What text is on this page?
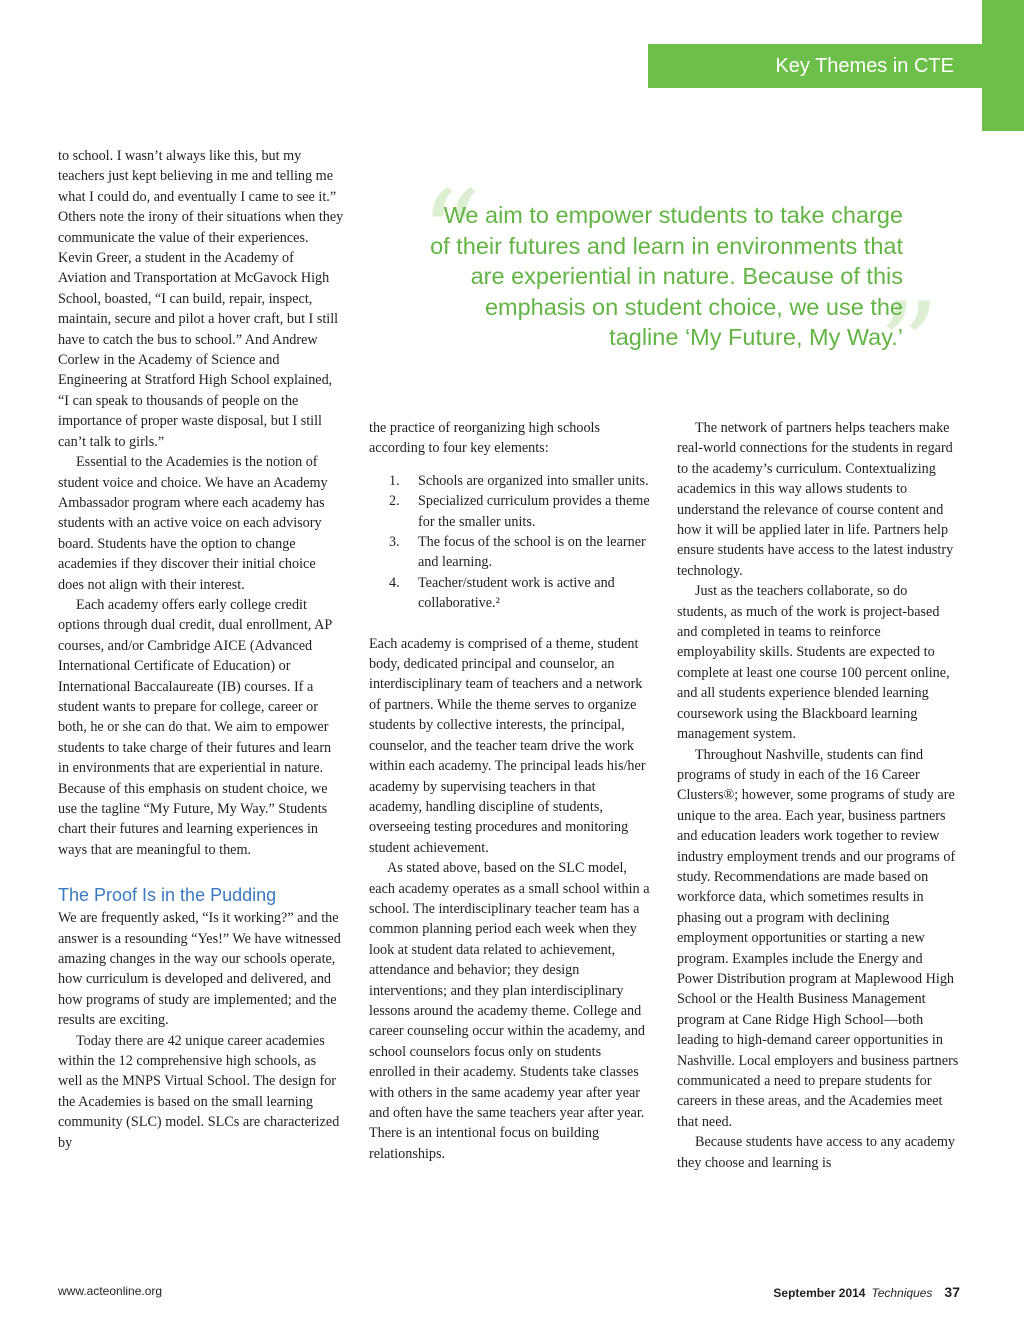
Key Themes in CTE
“
”
We aim to empower students to take charge of their futures and learn in environments that are experiential in nature. Because of this emphasis on student choice, we use the tagline ‘My Future, My Way.’

to school. I wasn’t always like this, but my teachers just kept believing in me and telling me what I could do, and eventually I came to see it.” Others note the irony of their situations when they communicate the value of their experiences. Kevin Greer, a student in the Academy of Aviation and Transportation at McGavock High School, boasted, “I can build, repair, inspect, maintain, secure and pilot a hover craft, but I still have to catch the bus to school.” And Andrew Corlew in the Academy of Science and Engineering at Stratford High School explained, “I can speak to thousands of people on the importance of proper waste disposal, but I still can’t talk to girls.”

Essential to the Academies is the notion of student voice and choice. We have an Academy Ambassador program where each academy has students with an active voice on each advisory board. Students have the option to change academies if they discover their initial choice does not align with their interest.

Each academy offers early college credit options through dual credit, dual enrollment, AP courses, and/or Cambridge AICE (Advanced International Certificate of Education) or International Baccalaureate (IB) courses. If a student wants to prepare for college, career or both, he or she can do that. We aim to empower students to take charge of their futures and learn in environments that are experiential in nature. Because of this emphasis on student choice, we use the tagline “My Future, My Way.” Students chart their futures and learning experiences in ways that are meaningful to them.

The Proof Is in the Pudding

We are frequently asked, “Is it working?” and the answer is a resounding “Yes!” We have witnessed amazing changes in the way our schools operate, how curriculum is developed and delivered, and how programs of study are implemented; and the results are exciting.

Today there are 42 unique career academies within the 12 comprehensive high schools, as well as the MNPS Virtual School. The design for the Academies is based on the small learning community (SLC) model. SLCs are characterized by

the practice of reorganizing high schools according to four key elements:

1.	Schools are organized into smaller units.
2.	Specialized curriculum provides a theme for the smaller units.
3.	The focus of the school is on the learner and learning.
4.	Teacher/student work is active and collaborative.²

Each academy is comprised of a theme, student body, dedicated principal and counselor, an interdisciplinary team of teachers and a network of partners. While the theme serves to organize students by collective interests, the principal, counselor, and the teacher team drive the work within each academy. The principal leads his/her academy by supervising teachers in that academy, handling discipline of students, overseeing testing procedures and monitoring student achievement.

As stated above, based on the SLC model, each academy operates as a small school within a school. The interdisciplinary teacher team has a common planning period each week when they look at student data related to achievement, attendance and behavior; they design interventions; and they plan interdisciplinary lessons around the academy theme. College and career counseling occur within the academy, and school counselors focus only on students enrolled in their academy. Students take classes with others in the same academy year after year and often have the same teachers year after year. There is an intentional focus on building relationships.

The network of partners helps teachers make real-world connections for the students in regard to the academy’s curriculum. Contextualizing academics in this way allows students to understand the relevance of course content and how it will be applied later in life. Partners help ensure students have access to the latest industry technology.

Just as the teachers collaborate, so do students, as much of the work is project-based and completed in teams to reinforce employability skills. Students are expected to complete at least one course 100 percent online, and all students experience blended learning coursework using the Blackboard learning management system.

Throughout Nashville, students can find programs of study in each of the 16 Career Clusters®; however, some programs of study are unique to the area. Each year, business partners and education leaders work together to review industry employment trends and our programs of study. Recommendations are made based on workforce data, which sometimes results in phasing out a program with declining employment opportunities or starting a new program. Examples include the Energy and Power Distribution program at Maplewood High School or the Health Business Management program at Cane Ridge High School—both leading to high-demand career opportunities in Nashville. Local employers and business partners communicated a need to prepare students for careers in these areas, and the Academies meet that need.

Because students have access to any academy they choose and learning is

www.acteonline.org	September 2014 Techniques 37
